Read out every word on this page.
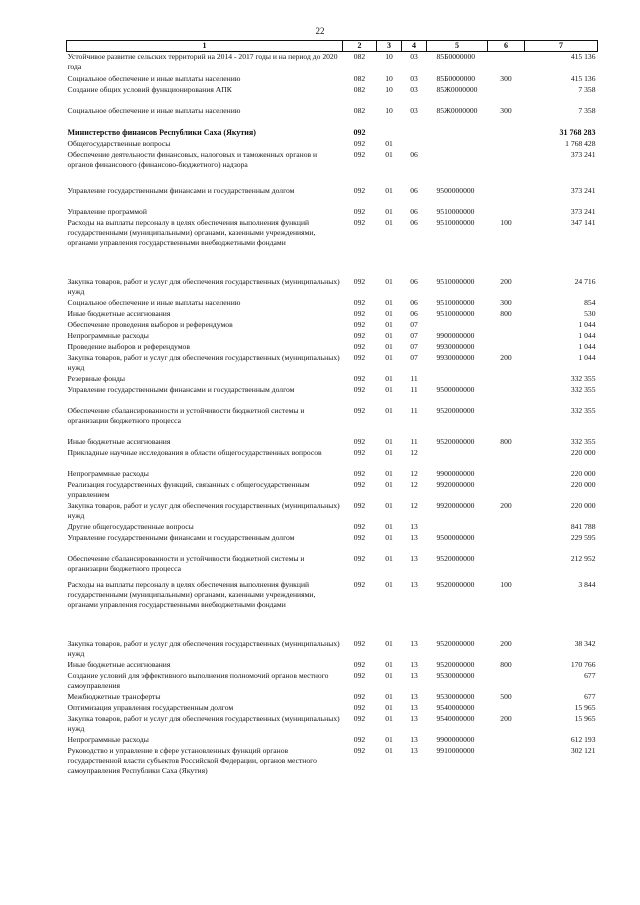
22
1	2	3	4	5	6	7
Устойчивое развитие сельских территорий на 2014 - 2017 годы и на период до 2020 года	082	10	03	85Б0000000		415 136
Социальное обеспечение и иные выплаты населению	082	10	03	85Б0000000	300	415 136
Создание общих условий функционирования АПК	082	10	03	85Ж0000000		7 358
Социальное обеспечение и иные выплаты населению	082	10	03	85Ж0000000	300	7 358
Министерство финансов Республики Саха (Якутия)	092					31 768 283
Общегосударственные вопросы	092	01				1 768 428
Обеспечение деятельности финансовых, налоговых и таможенных органов и органов финансового (финансово-бюджетного) надзора	092	01	06			373 241
Управление государственными финансами и государственным долгом	092	01	06	9500000000		373 241
Управление программой	092	01	06	9510000000		373 241
Расходы на выплаты персоналу в целях обеспечения выполнения функций государственными (муниципальными) органами, казенными учреждениями, органами управления государственными внебюджетными фондами	092	01	06	9510000000	100	347 141
Закупка товаров, работ и услуг для обеспечения государственных (муниципальных) нужд	092	01	06	9510000000	200	24 716
Социальное обеспечение и иные выплаты населению	092	01	06	9510000000	300	854
Иные бюджетные ассигнования	092	01	06	9510000000	800	530
Обеспечение проведения выборов и референдумов	092	01	07			1 044
Непрограммные расходы	092	01	07	9900000000		1 044
Проведение выборов и референдумов	092	01	07	9930000000		1 044
Закупка товаров, работ и услуг для обеспечения государственных (муниципальных) нужд	092	01	07	9930000000	200	1 044
Резервные фонды	092	01	11			332 355
Управление государственными финансами и государственным долгом	092	01	11	9500000000		332 355
Обеспечение сбалансированности и устойчивости бюджетной системы и организации бюджетного процесса	092	01	11	9520000000		332 355
Иные бюджетные ассигнования	092	01	11	9520000000	800	332 355
Прикладные научные исследования в области общегосударственных вопросов	092	01	12			220 000
Непрограммные расходы	092	01	12	9900000000		220 000
Реализация государственных функций, связанных с общегосударственным управлением	092	01	12	9920000000		220 000
Закупка товаров, работ и услуг для обеспечения государственных (муниципальных) нужд	092	01	12	9920000000	200	220 000
Другие общегосударственные вопросы	092	01	13			841 788
Управление государственными финансами и государственным долгом	092	01	13	9500000000		229 595
Обеспечение сбалансированности и устойчивости бюджетной системы и организации бюджетного процесса	092	01	13	9520000000		212 952
Расходы на выплаты персоналу в целях обеспечения выполнения функций государственными (муниципальными) органами, казенными учреждениями, органами управления государственными внебюджетными фондами	092	01	13	9520000000	100	3 844
Закупка товаров, работ и услуг для обеспечения государственных (муниципальных) нужд	092	01	13	9520000000	200	38 342
Иные бюджетные ассигнования	092	01	13	9520000000	800	170 766
Создание условий для эффективного выполнения полномочий органов местного самоуправления	092	01	13	9530000000		677
Межбюджетные трансферты	092	01	13	9530000000	500	677
Оптимизация управления государственным долгом	092	01	13	9540000000		15 965
Закупка товаров, работ и услуг для обеспечения государственных (муниципальных) нужд	092	01	13	9540000000	200	15 965
Непрограммные расходы	092	01	13	9900000000		612 193
Руководство и управление в сфере установленных функций органов государственной власти субъектов Российской Федерации, органов местного самоуправления Республики Саха (Якутия)	092	01	13	9910000000		302 121
